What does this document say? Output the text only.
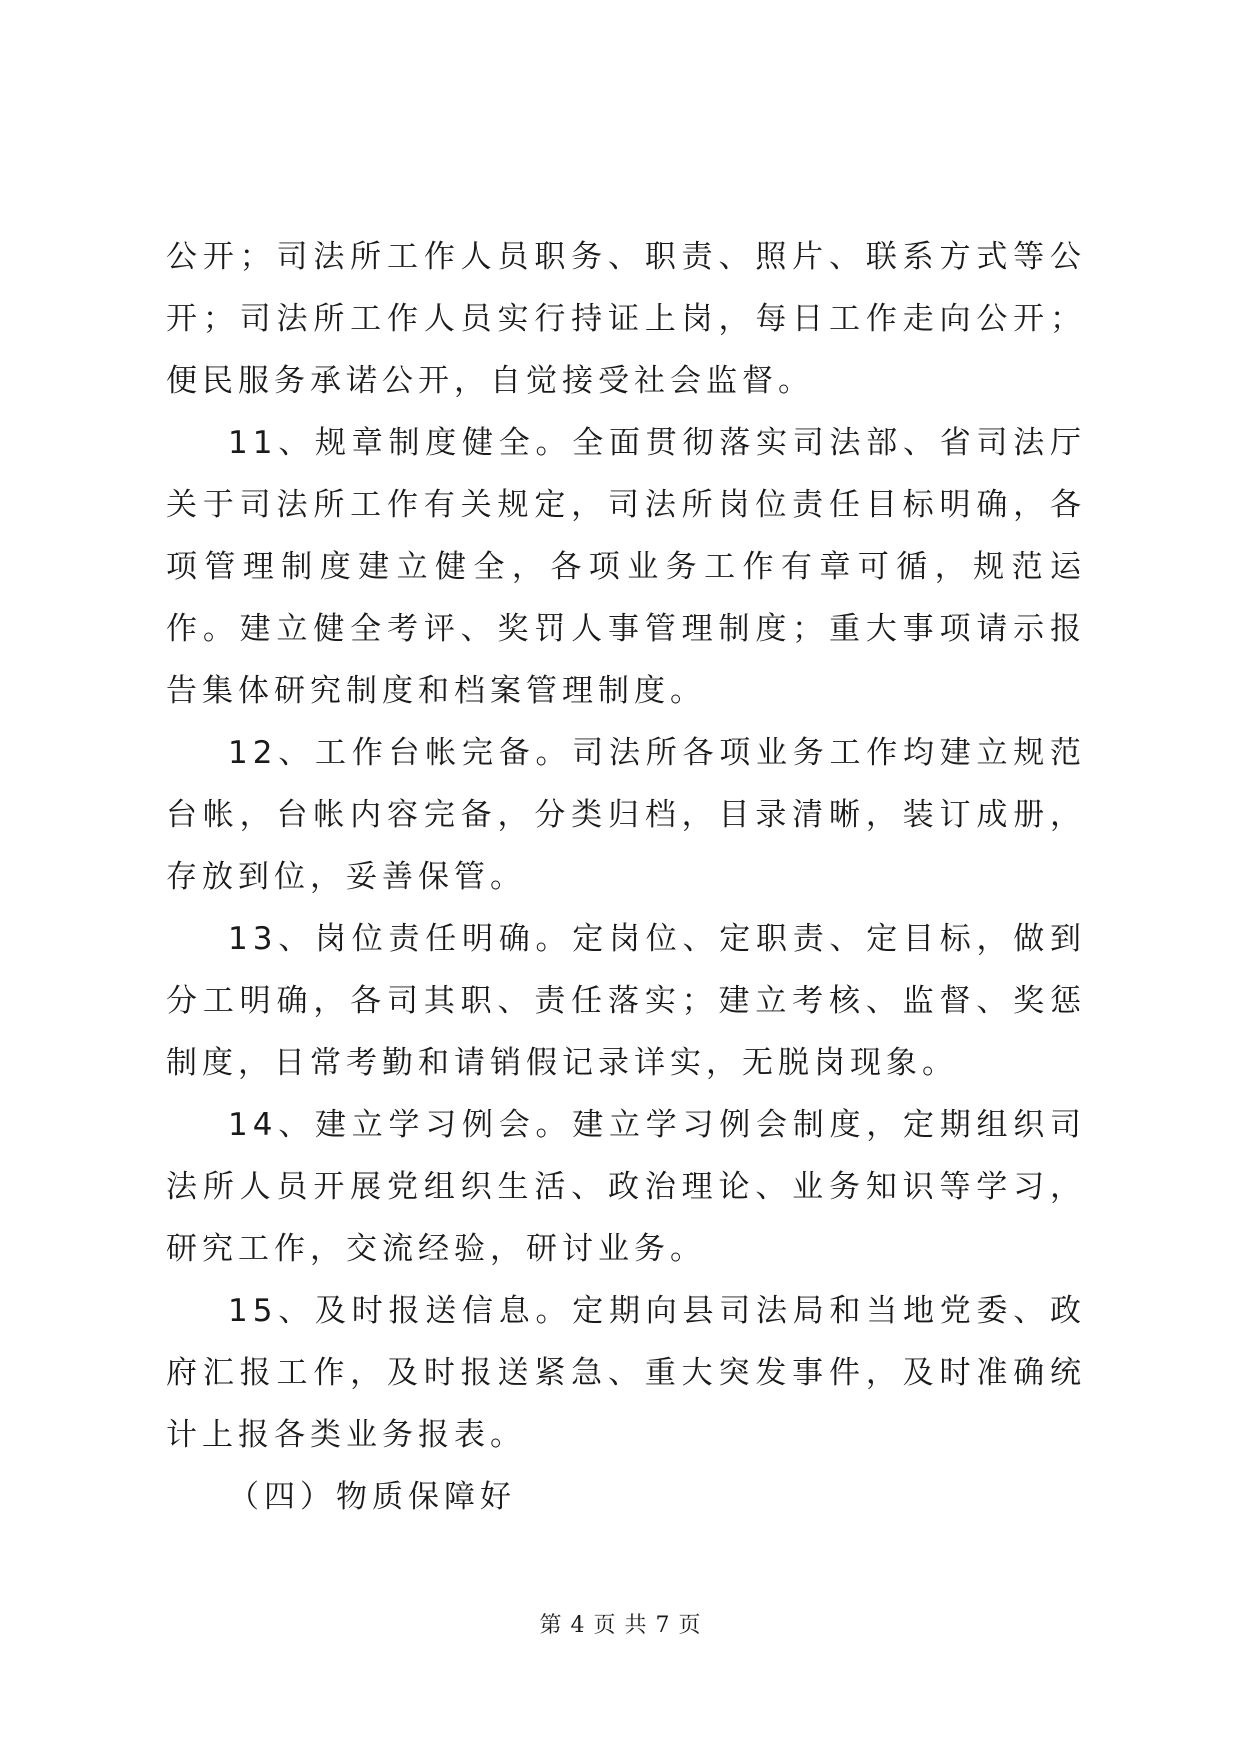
公开；司法所工作人员职务、职责、照片、联系方式等公开；司法所工作人员实行持证上岗，每日工作走向公开；便民服务承诺公开，自觉接受社会监督。

11、规章制度健全。全面贯彻落实司法部、省司法厅关于司法所工作有关规定，司法所岗位责任目标明确，各项管理制度建立健全，各项业务工作有章可循，规范运作。建立健全考评、奖罚人事管理制度；重大事项请示报告集体研究制度和档案管理制度。

12、工作台帐完备。司法所各项业务工作均建立规范台帐，台帐内容完备，分类归档，目录清晰，装订成册，存放到位，妥善保管。

13、岗位责任明确。定岗位、定职责、定目标，做到分工明确，各司其职、责任落实；建立考核、监督、奖惩制度，日常考勤和请销假记录详实，无脱岗现象。

14、建立学习例会。建立学习例会制度，定期组织司法所人员开展党组织生活、政治理论、业务知识等学习，研究工作，交流经验，研讨业务。

15、及时报送信息。定期向县司法局和当地党委、政府汇报工作，及时报送紧急、重大突发事件，及时准确统计上报各类业务报表。

（四）物质保障好

第 4 页 共 7 页
